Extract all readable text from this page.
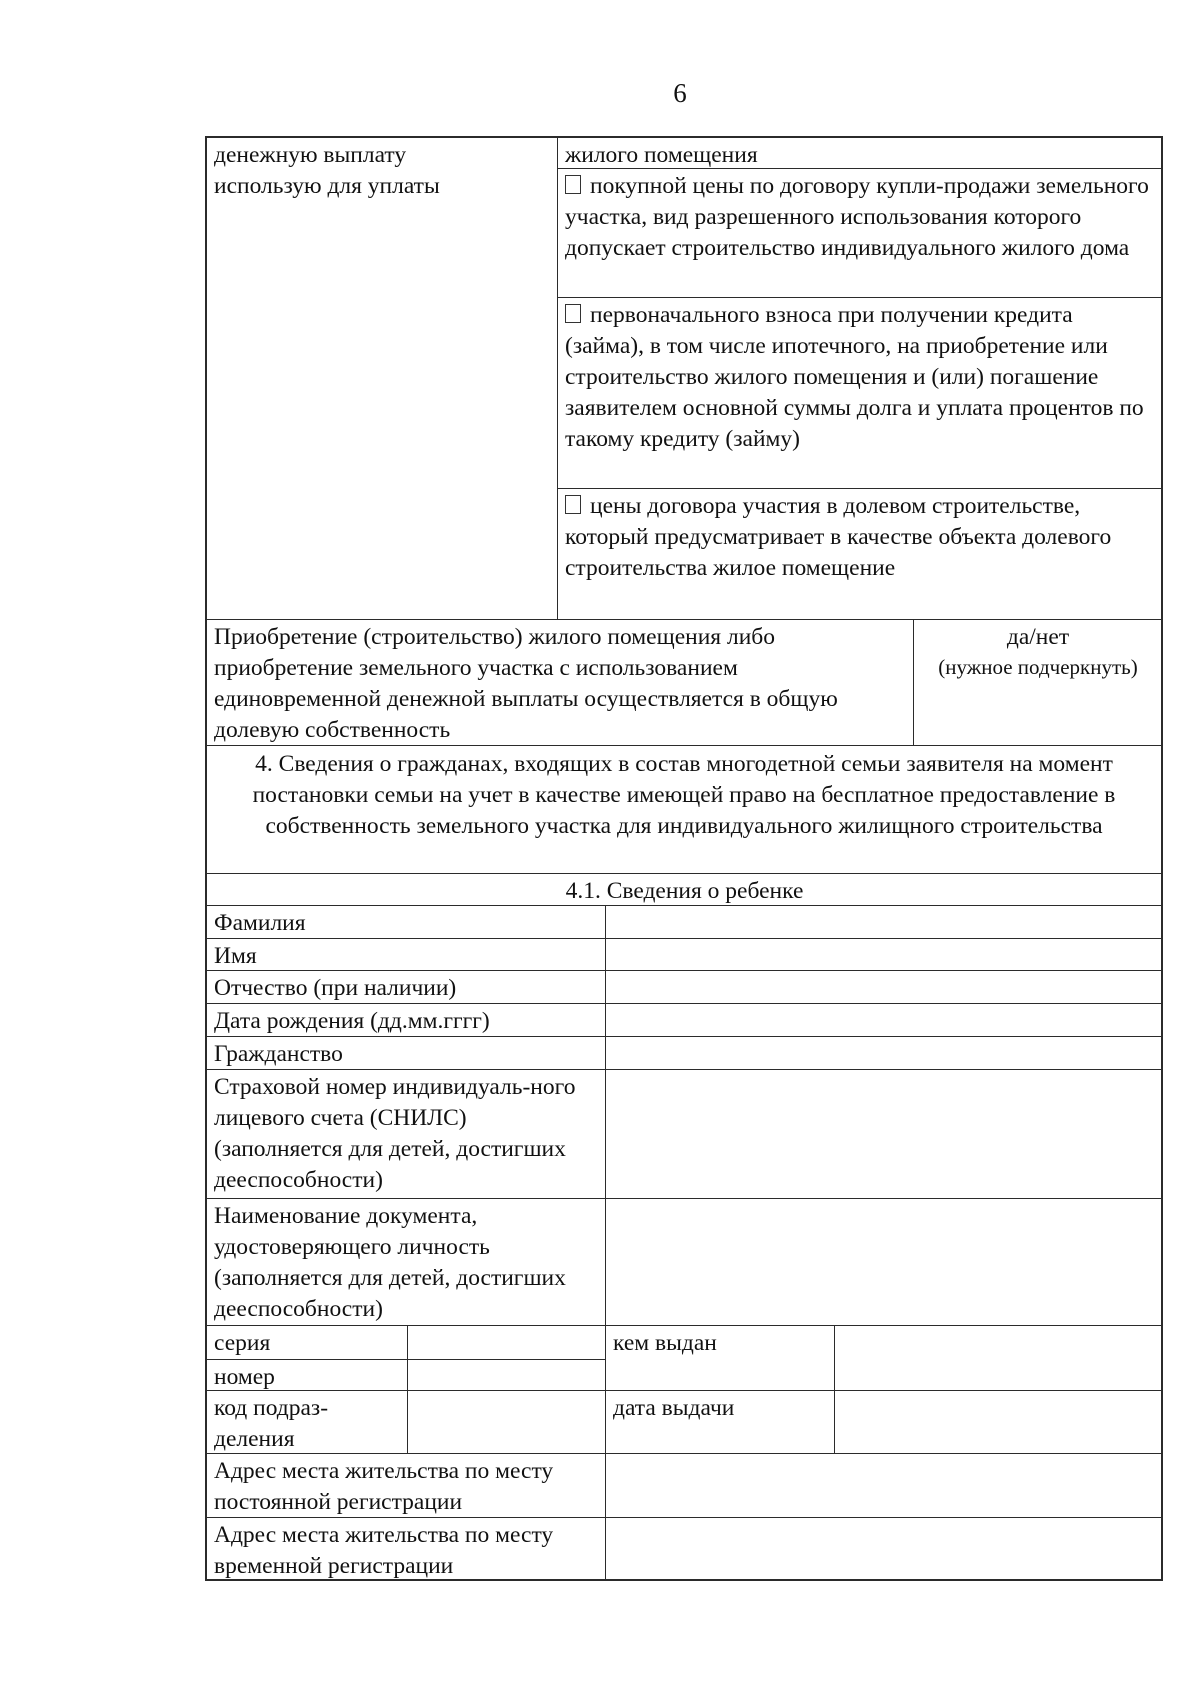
6
денежную выплату
использую для уплаты
жилого помещения
покупной цены по договору купли-продажи земельного участка, вид разрешенного использования которого допускает строительство индивидуального жилого дома
первоначального взноса при получении кредита (займа), в том числе ипотечного, на приобретение или строительство жилого помещения и (или) погашение заявителем основной суммы долга и уплата процентов по такому кредиту (займу)
цены договора участия в долевом строительстве, который предусматривает в качестве объекта долевого строительства жилое помещение
Приобретение (строительство) жилого помещения либо приобретение земельного участка с использованием единовременной денежной выплаты осуществляется в общую долевую собственность
да/нет
(нужное подчеркнуть)
4. Сведения о гражданах, входящих в состав многодетной семьи заявителя на момент постановки семьи на учет в качестве имеющей право на бесплатное предоставление в собственность земельного участка для индивидуального жилищного строительства
4.1. Сведения о ребенке
Фамилия
Имя
Отчество (при наличии)
Дата рождения (дд.мм.гггг)
Гражданство
Страховой номер индивидуаль-ного лицевого счета (СНИЛС) (заполняется для детей, достигших дееспособности)
Наименование документа, удостоверяющего личность (заполняется для детей, достигших дееспособности)
серия
номер
кем выдан
код подраз-деления
дата выдачи
Адрес места жительства по месту постоянной регистрации
Адрес места жительства по месту временной регистрации
